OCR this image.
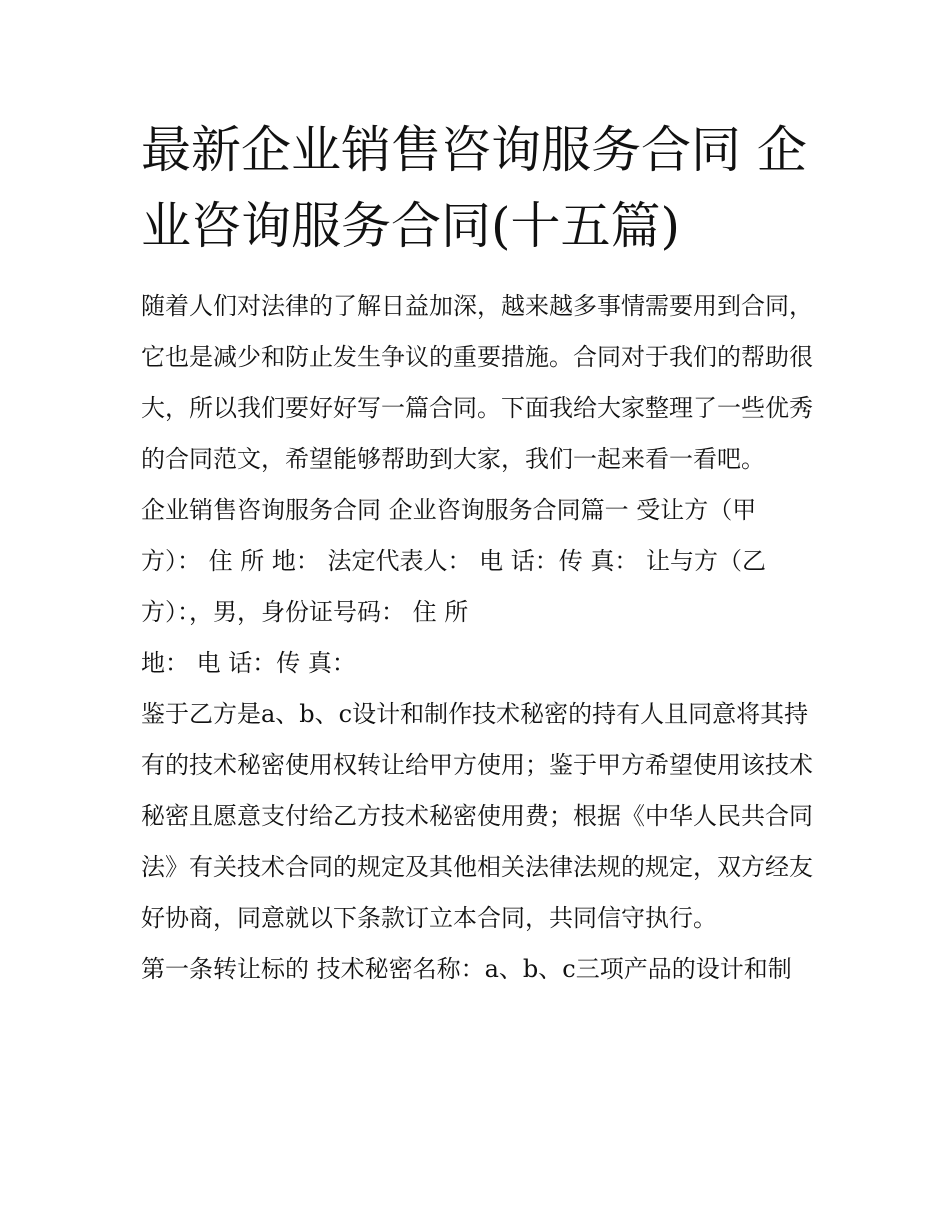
最新企业销售咨询服务合同 企业咨询服务合同(十五篇)

随着人们对法律的了解日益加深，越来越多事情需要用到合同，它也是减少和防止发生争议的重要措施。合同对于我们的帮助很大，所以我们要好好写一篇合同。下面我给大家整理了一些优秀的合同范文，希望能够帮助到大家，我们一起来看一看吧。

企业销售咨询服务合同 企业咨询服务合同篇一 受让方（甲
方）： 住 所 地： 法定代表人： 电 话：传 真： 让与方（乙
方）：，男，身份证号码： 住 所
地： 电 话：传 真：

鉴于乙方是a、b、c设计和制作技术秘密的持有人且同意将其持有的技术秘密使用权转让给甲方使用；鉴于甲方希望使用该技术秘密且愿意支付给乙方技术秘密使用费；根据《中华人民共合同法》有关技术合同的规定及其他相关法律法规的规定，双方经友好协商，同意就以下条款订立本合同，共同信守执行。

第一条转让标的 技术秘密名称：a、b、c三项产品的设计和制
